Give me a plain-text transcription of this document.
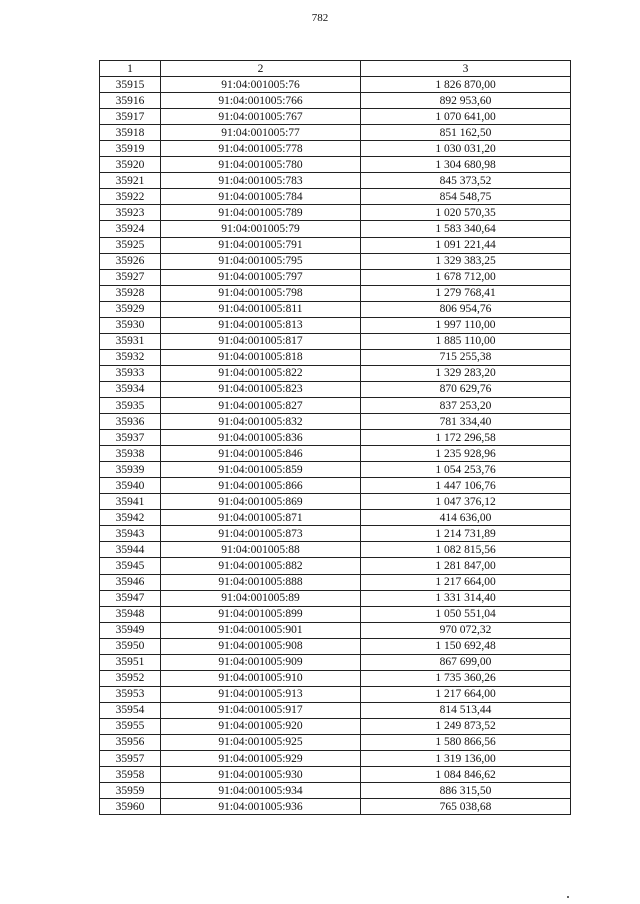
782
1	2	3
35915	91:04:001005:76	1 826 870,00
35916	91:04:001005:766	892 953,60
35917	91:04:001005:767	1 070 641,00
35918	91:04:001005:77	851 162,50
35919	91:04:001005:778	1 030 031,20
35920	91:04:001005:780	1 304 680,98
35921	91:04:001005:783	845 373,52
35922	91:04:001005:784	854 548,75
35923	91:04:001005:789	1 020 570,35
35924	91:04:001005:79	1 583 340,64
35925	91:04:001005:791	1 091 221,44
35926	91:04:001005:795	1 329 383,25
35927	91:04:001005:797	1 678 712,00
35928	91:04:001005:798	1 279 768,41
35929	91:04:001005:811	806 954,76
35930	91:04:001005:813	1 997 110,00
35931	91:04:001005:817	1 885 110,00
35932	91:04:001005:818	715 255,38
35933	91:04:001005:822	1 329 283,20
35934	91:04:001005:823	870 629,76
35935	91:04:001005:827	837 253,20
35936	91:04:001005:832	781 334,40
35937	91:04:001005:836	1 172 296,58
35938	91:04:001005:846	1 235 928,96
35939	91:04:001005:859	1 054 253,76
35940	91:04:001005:866	1 447 106,76
35941	91:04:001005:869	1 047 376,12
35942	91:04:001005:871	414 636,00
35943	91:04:001005:873	1 214 731,89
35944	91:04:001005:88	1 082 815,56
35945	91:04:001005:882	1 281 847,00
35946	91:04:001005:888	1 217 664,00
35947	91:04:001005:89	1 331 314,40
35948	91:04:001005:899	1 050 551,04
35949	91:04:001005:901	970 072,32
35950	91:04:001005:908	1 150 692,48
35951	91:04:001005:909	867 699,00
35952	91:04:001005:910	1 735 360,26
35953	91:04:001005:913	1 217 664,00
35954	91:04:001005:917	814 513,44
35955	91:04:001005:920	1 249 873,52
35956	91:04:001005:925	1 580 866,56
35957	91:04:001005:929	1 319 136,00
35958	91:04:001005:930	1 084 846,62
35959	91:04:001005:934	886 315,50
35960	91:04:001005:936	765 038,68
